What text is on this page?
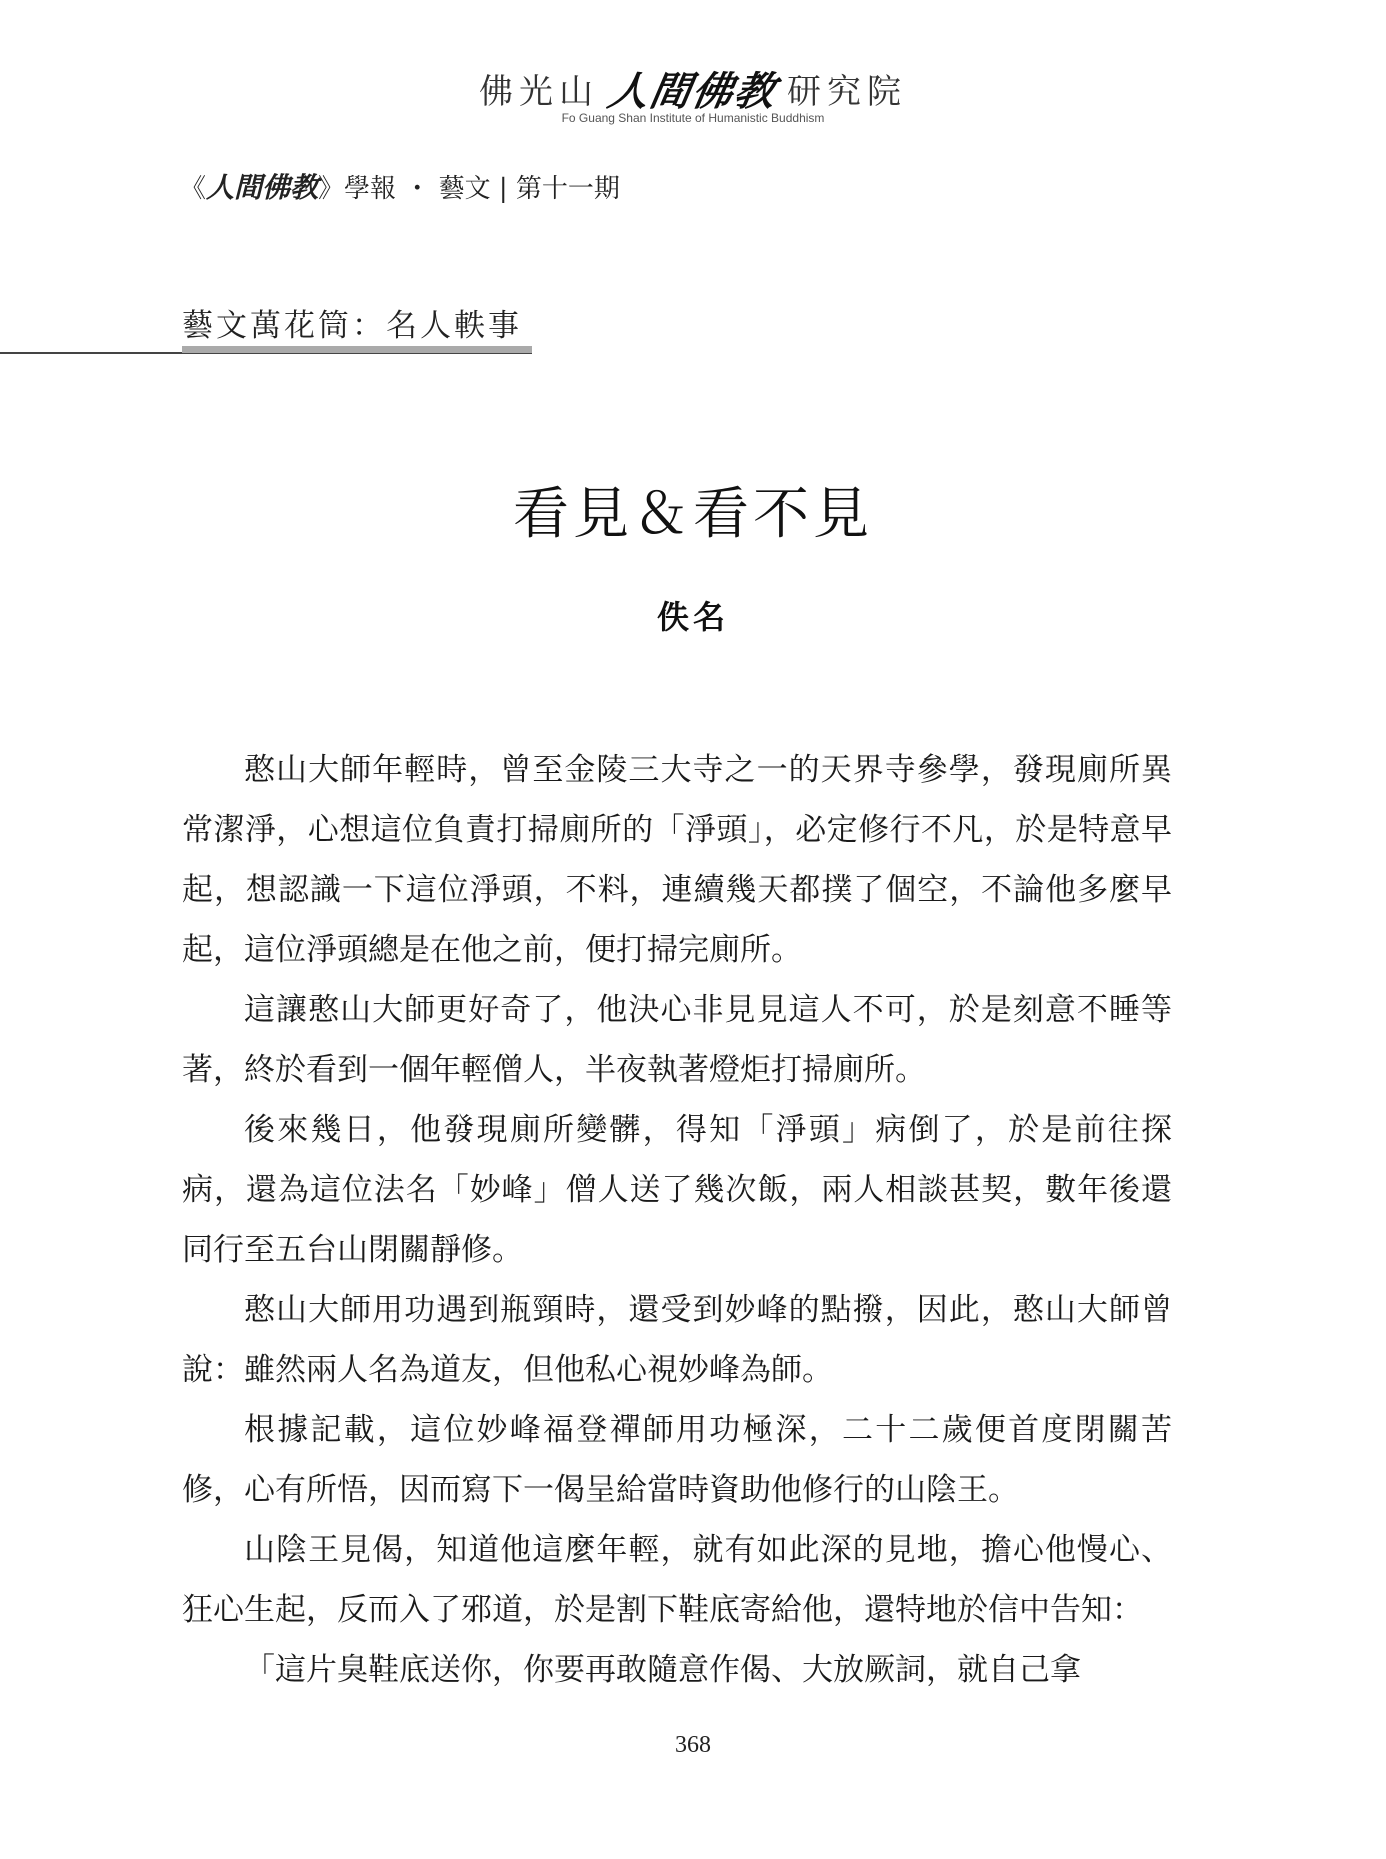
佛光山 人間佛教 研究院
Fo Guang Shan Institute of Humanistic Buddhism
《人間佛教》學報 ・ 藝文 | 第十一期
藝文萬花筒：名人軼事
看見＆看不見
佚名

憨山大師年輕時，曾至金陵三大寺之一的天界寺參學，發現廁所異常潔淨，心想這位負責打掃廁所的「淨頭」，必定修行不凡，於是特意早起，想認識一下這位淨頭，不料，連續幾天都撲了個空，不論他多麼早起，這位淨頭總是在他之前，便打掃完廁所。

這讓憨山大師更好奇了，他決心非見見這人不可，於是刻意不睡等著，終於看到一個年輕僧人，半夜執著燈炬打掃廁所。

後來幾日，他發現廁所變髒，得知「淨頭」病倒了，於是前往探病，還為這位法名「妙峰」僧人送了幾次飯，兩人相談甚契，數年後還同行至五台山閉關靜修。

憨山大師用功遇到瓶頸時，還受到妙峰的點撥，因此，憨山大師曾說：雖然兩人名為道友，但他私心視妙峰為師。

根據記載，這位妙峰福登禪師用功極深，二十二歲便首度閉關苦修，心有所悟，因而寫下一偈呈給當時資助他修行的山陰王。

山陰王見偈，知道他這麼年輕，就有如此深的見地，擔心他慢心、狂心生起，反而入了邪道，於是割下鞋底寄給他，還特地於信中告知：

「這片臭鞋底送你，你要再敢隨意作偈、大放厥詞，就自己拿

368
